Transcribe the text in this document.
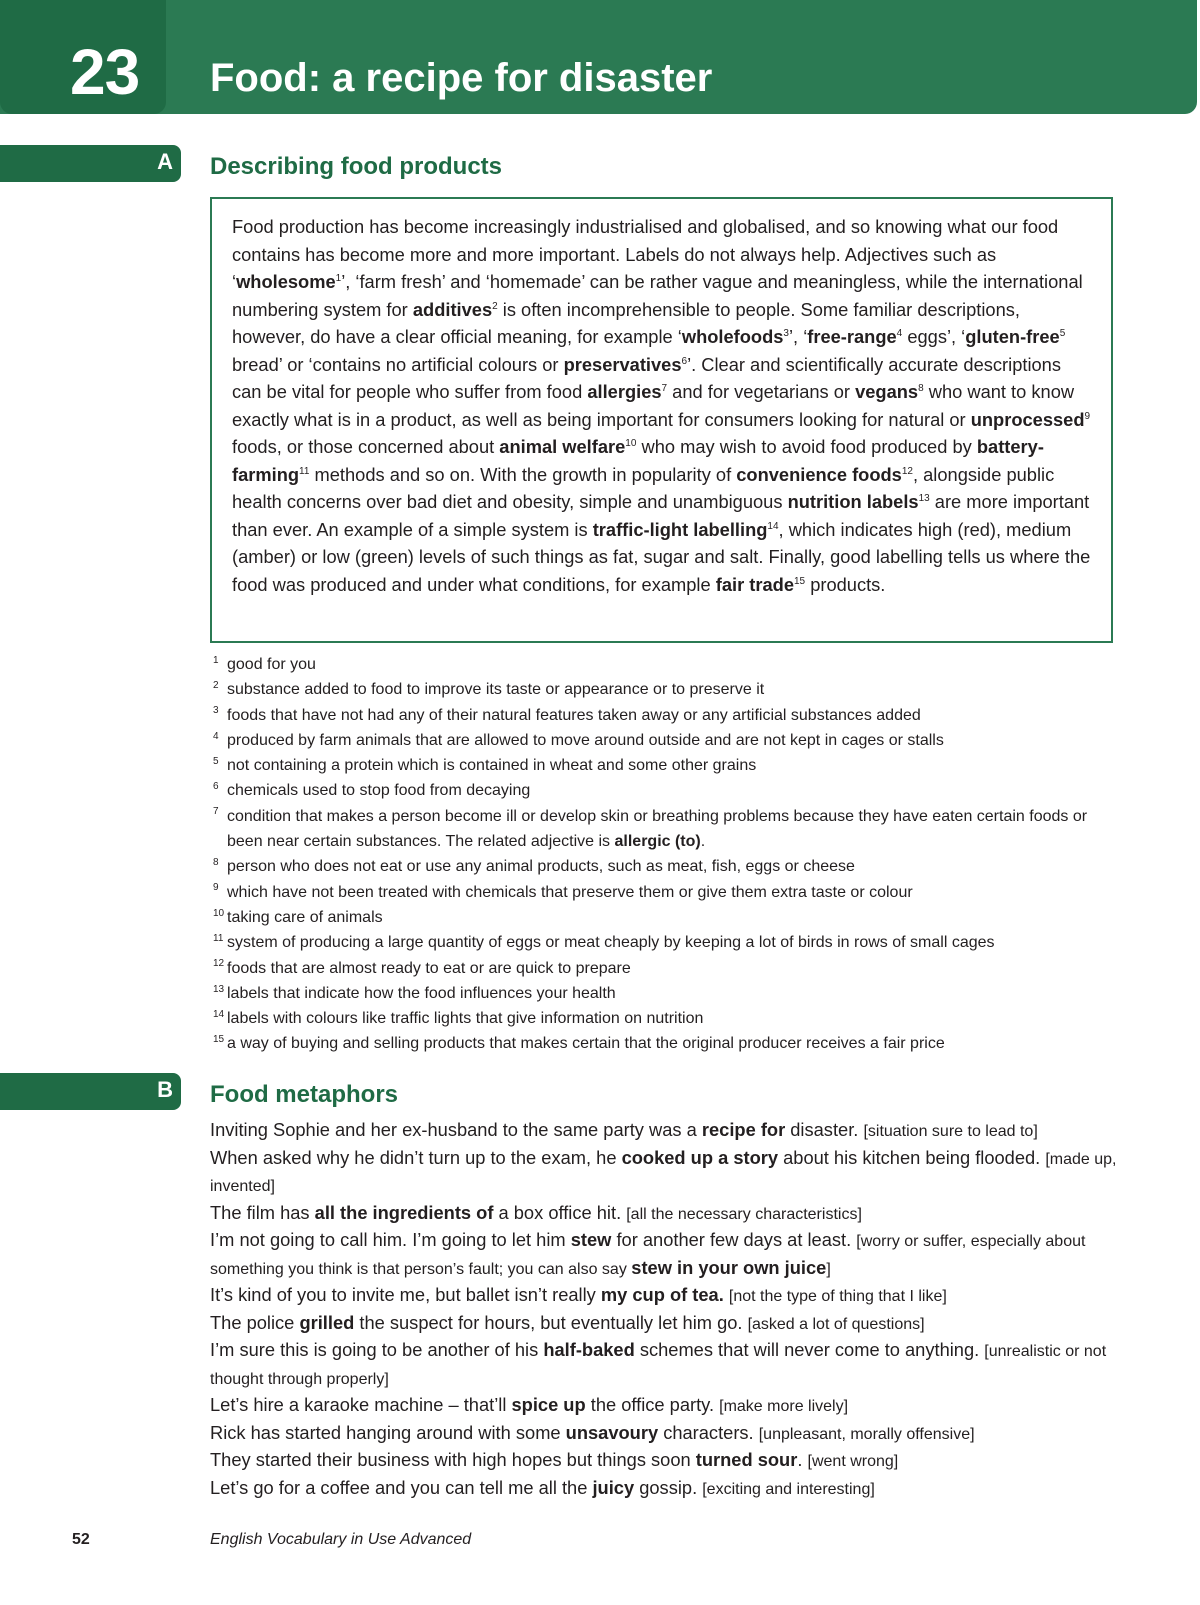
23 Food: a recipe for disaster
A Describing food products

Food production has become increasingly industrialised and globalised, and so knowing what our food contains has become more and more important. Labels do not always help. Adjectives such as ‘wholesome$^1$’, ‘farm fresh’ and ‘homemade’ can be rather vague and meaningless, while the international numbering system for additives$^2$ is often incomprehensible to people. Some familiar descriptions, however, do have a clear official meaning, for example ‘wholefoods$^3$’, ‘free-range$^4$ eggs’, ‘gluten-free$^5$ bread’ or ‘contains no artificial colours or preservatives$^6$’. Clear and scientifically accurate descriptions can be vital for people who suffer from food allergies$^7$ and for vegetarians or vegans$^8$ who want to know exactly what is in a product, as well as being important for consumers looking for natural or unprocessed$^9$ foods, or those concerned about animal welfare$^{10}$ who may wish to avoid food produced by battery-farming$^{11}$ methods and so on. With the growth in popularity of convenience foods$^{12}$, alongside public health concerns over bad diet and obesity, simple and unambiguous nutrition labels$^{13}$ are more important than ever. An example of a simple system is traffic-light labelling$^{14}$, which indicates high (red), medium (amber) or low (green) levels of such things as fat, sugar and salt. Finally, good labelling tells us where the food was produced and under what conditions, for example fair trade$^{15}$ products.

1 good for you
2 substance added to food to improve its taste or appearance or to preserve it
3 foods that have not had any of their natural features taken away or any artificial substances added
4 produced by farm animals that are allowed to move around outside and are not kept in cages or stalls
5 not containing a protein which is contained in wheat and some other grains
6 chemicals used to stop food from decaying
7 condition that makes a person become ill or develop skin or breathing problems because they have eaten certain foods or been near certain substances. The related adjective is allergic (to).
8 person who does not eat or use any animal products, such as meat, fish, eggs or cheese
9 which have not been treated with chemicals that preserve them or give them extra taste or colour
10 taking care of animals
11 system of producing a large quantity of eggs or meat cheaply by keeping a lot of birds in rows of small cages
12 foods that are almost ready to eat or are quick to prepare
13 labels that indicate how the food influences your health
14 labels with colours like traffic lights that give information on nutrition
15 a way of buying and selling products that makes certain that the original producer receives a fair price
B Food metaphors
Inviting Sophie and her ex-husband to the same party was a recipe for disaster. [situation sure to lead to]
When asked why he didn’t turn up to the exam, he cooked up a story about his kitchen being flooded. [made up, invented]
The film has all the ingredients of a box office hit. [all the necessary characteristics]
I’m not going to call him. I’m going to let him stew for another few days at least. [worry or suffer, especially about something you think is that person’s fault; you can also say stew in your own juice]
It’s kind of you to invite me, but ballet isn’t really my cup of tea. [not the type of thing that I like]
The police grilled the suspect for hours, but eventually let him go. [asked a lot of questions]
I’m sure this is going to be another of his half-baked schemes that will never come to anything. [unrealistic or not thought through properly]
Let’s hire a karaoke machine – that’ll spice up the office party. [make more lively]
Rick has started hanging around with some unsavoury characters. [unpleasant, morally offensive]
They started their business with high hopes but things soon turned sour. [went wrong]
Let’s go for a coffee and you can tell me all the juicy gossip. [exciting and interesting]
52	English Vocabulary in Use Advanced
